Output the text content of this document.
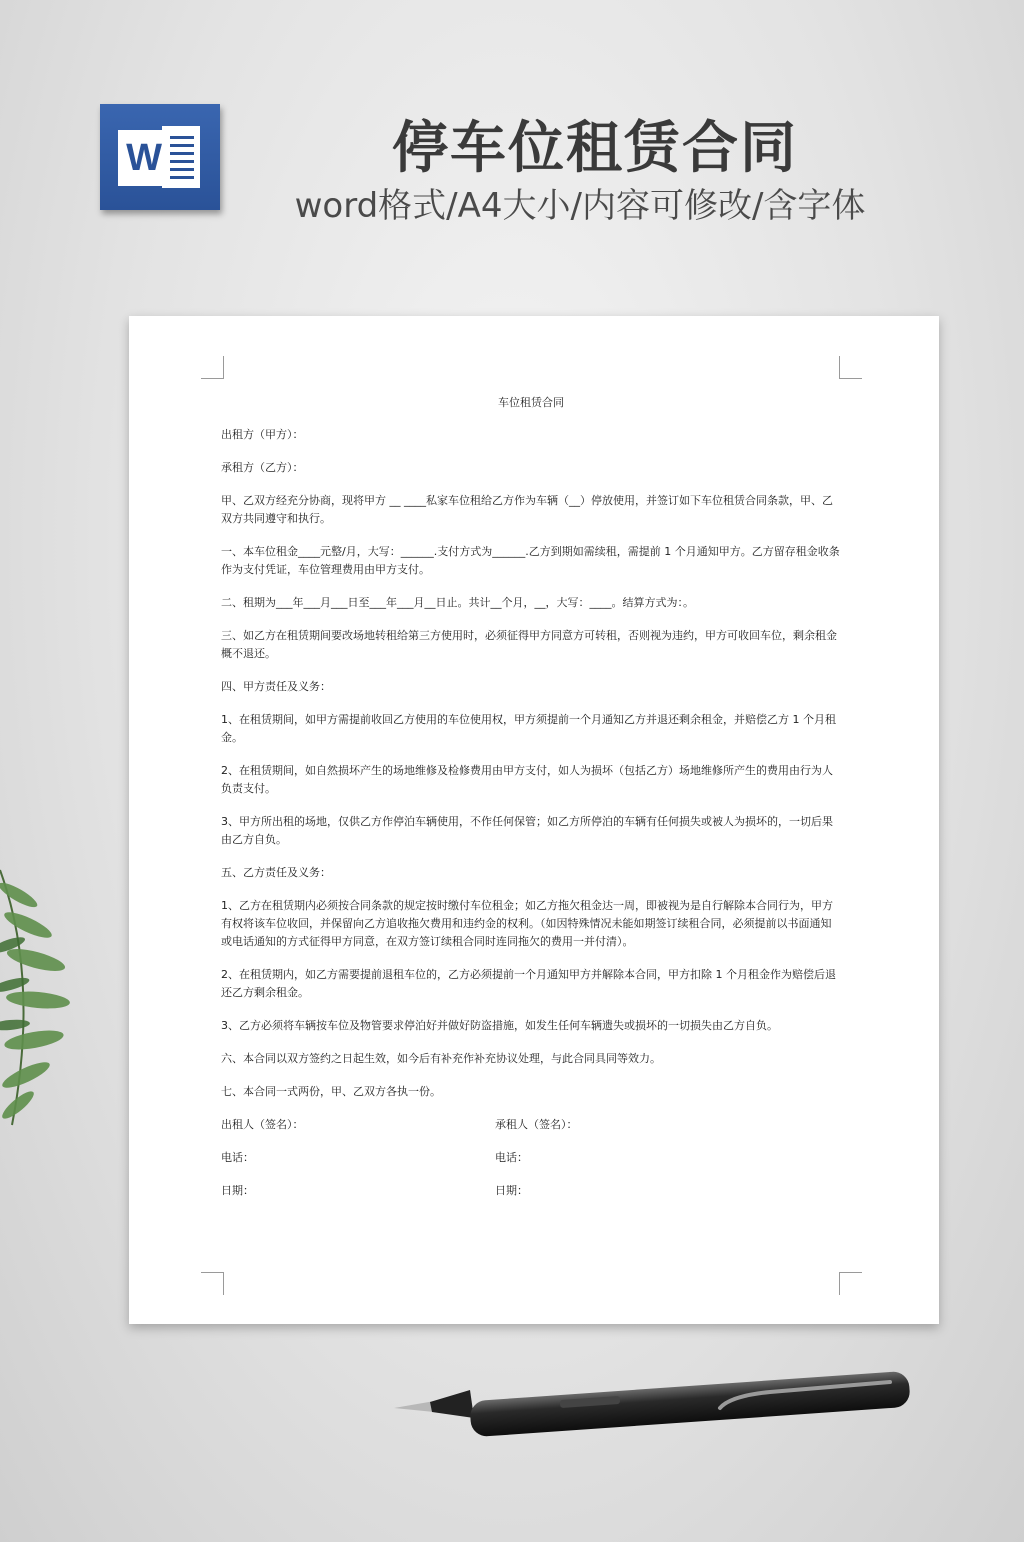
W	停车位租赁合同
word格式/A4大小/内容可修改/含字体
车位租赁合同

出租方（甲方）：

承租方（乙方）：

甲、乙双方经充分协商，现将甲方 __ ____私家车位租给乙方作为车辆（__）停放使用，并签订如下车位租赁合同条款，甲、乙双方共同遵守和执行。

一、本车位租金____元整/月，大写：______.支付方式为______.乙方到期如需续租，需提前 1 个月通知甲方。乙方留存租金收条作为支付凭证，车位管理费用由甲方支付。

二、租期为___年___月___日至___年___月__日止。共计__个月，__，大写：____。结算方式为：。

三、如乙方在租赁期间要改场地转租给第三方使用时，必须征得甲方同意方可转租，否则视为违约，甲方可收回车位，剩余租金概不退还。

四、甲方责任及义务：

1、在租赁期间，如甲方需提前收回乙方使用的车位使用权，甲方须提前一个月通知乙方并退还剩余租金，并赔偿乙方 1 个月租金。

2、在租赁期间，如自然损坏产生的场地维修及检修费用由甲方支付，如人为损坏（包括乙方）场地维修所产生的费用由行为人负责支付。

3、甲方所出租的场地，仅供乙方作停泊车辆使用，不作任何保管；如乙方所停泊的车辆有任何损失或被人为损坏的，一切后果由乙方自负。

五、乙方责任及义务：

1、乙方在租赁期内必须按合同条款的规定按时缴付车位租金；如乙方拖欠租金达一周，即被视为是自行解除本合同行为，甲方有权将该车位收回，并保留向乙方追收拖欠费用和违约金的权利。（如因特殊情况未能如期签订续租合同，必须提前以书面通知或电话通知的方式征得甲方同意，在双方签订续租合同时连同拖欠的费用一并付清）。

2、在租赁期内，如乙方需要提前退租车位的，乙方必须提前一个月通知甲方并解除本合同，甲方扣除 1 个月租金作为赔偿后退还乙方剩余租金。

3、乙方必须将车辆按车位及物管要求停泊好并做好防盗措施，如发生任何车辆遗失或损坏的一切损失由乙方自负。

六、本合同以双方签约之日起生效，如今后有补充作补充协议处理，与此合同具同等效力。

七、本合同一式两份，甲、乙双方各执一份。

出租人（签名）：	承租人（签名）：
电话：	电话：
日期：	日期：
